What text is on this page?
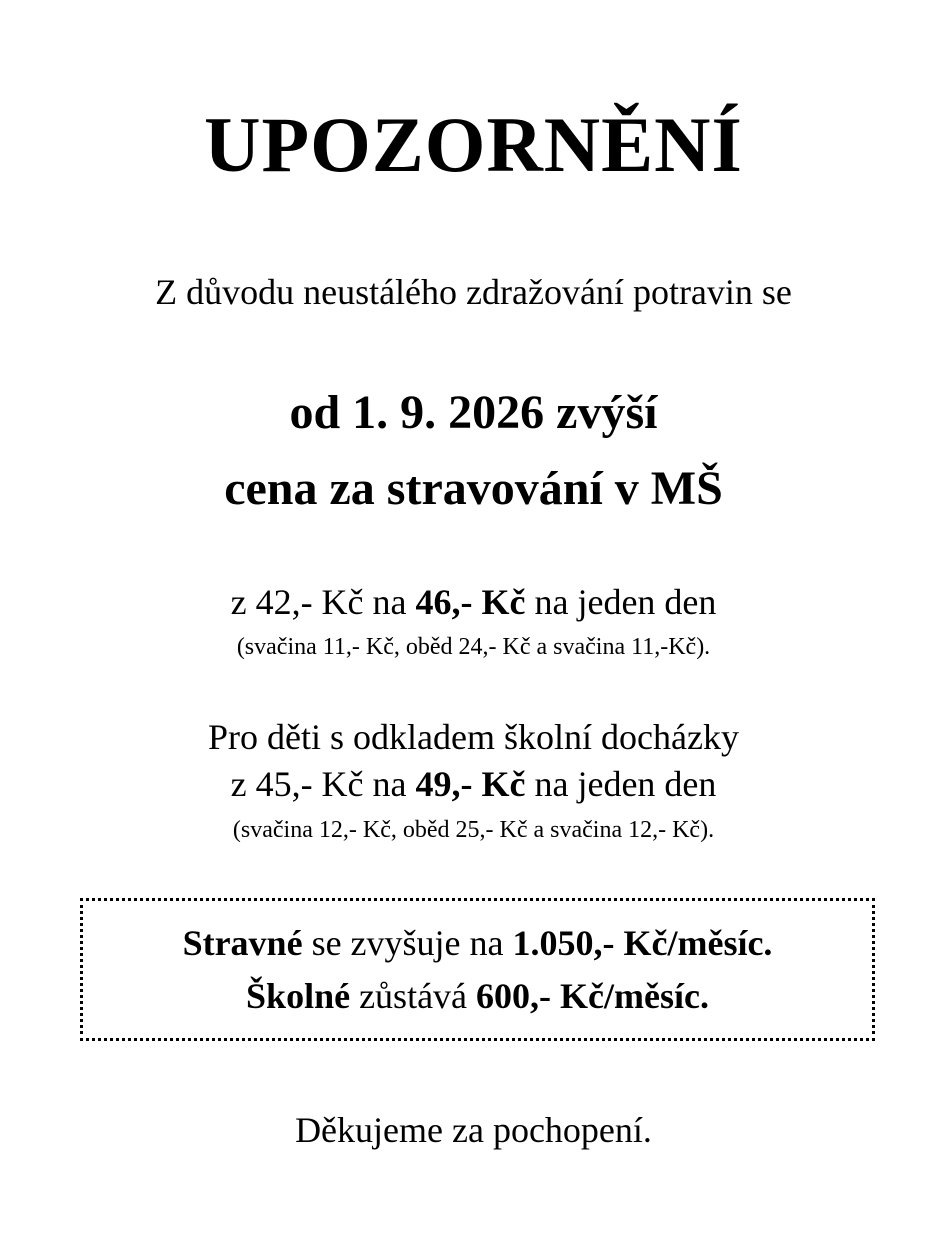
UPOZORNĚNÍ
Z důvodu neustálého zdražování potravin se
od 1. 9. 2026 zvýší
cena za stravování v MŠ
z 42,- Kč na 46,- Kč na jeden den
(svačina 11,- Kč, oběd 24,- Kč a svačina 11,-Kč).
Pro děti s odkladem školní docházky
z 45,- Kč na 49,- Kč na jeden den
(svačina 12,- Kč, oběd 25,- Kč a svačina 12,- Kč).
Stravné se zvyšuje na 1.050,- Kč/měsíc.
Školné zůstává 600,- Kč/měsíc.
Děkujeme za pochopení.
